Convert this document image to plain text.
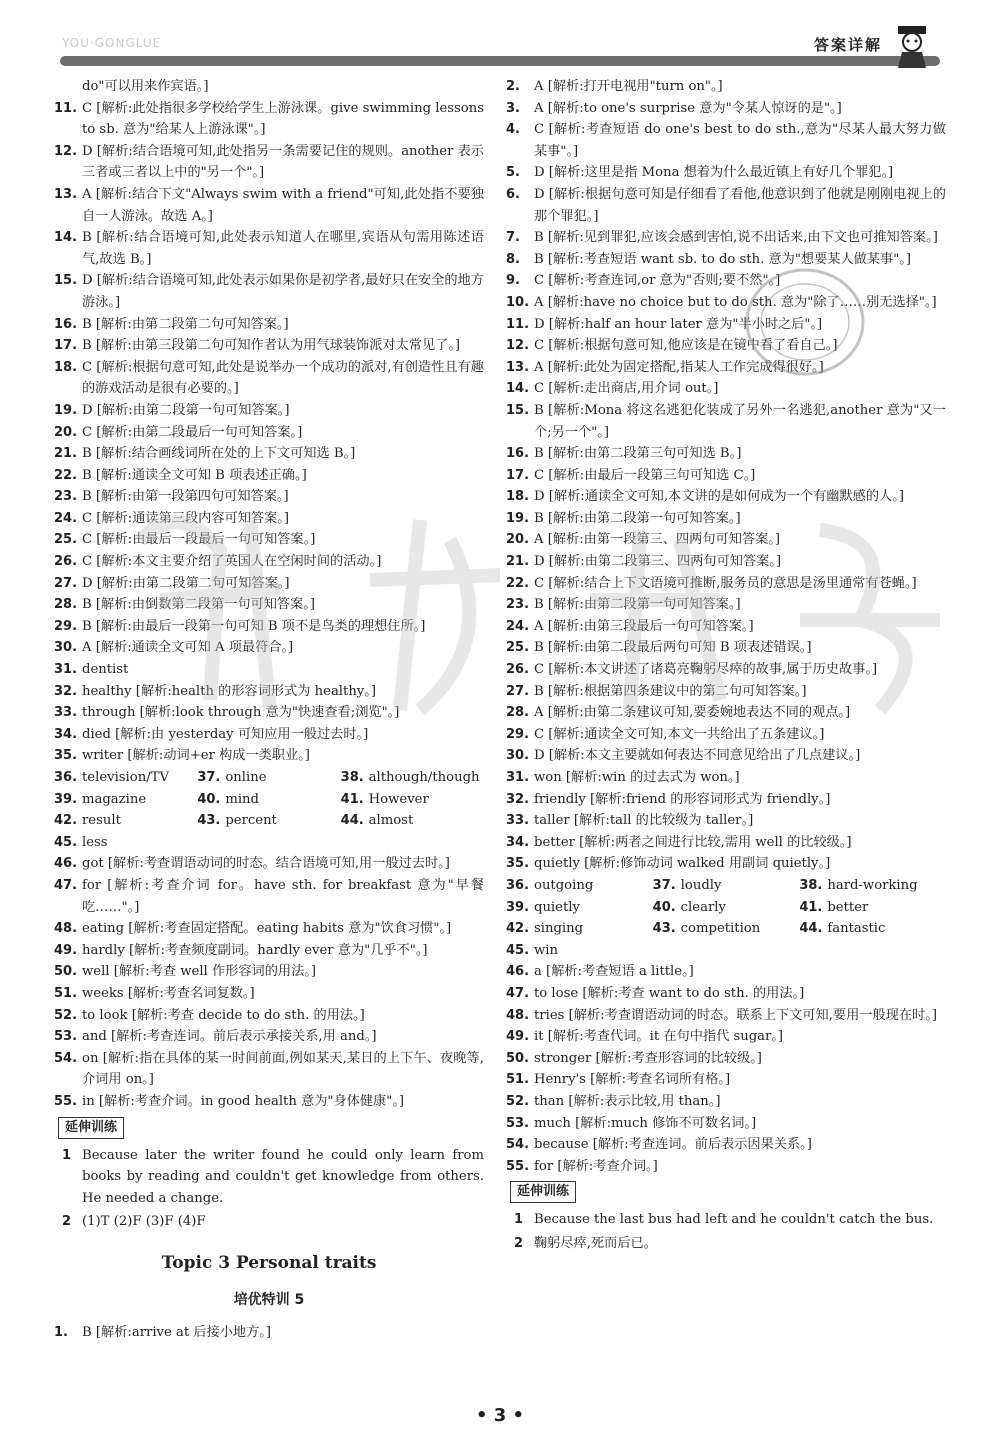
YOU·GONGLUE	答案详解
do"可以用来作宾语。]
11. C [解析:此处指很多学校给学生上游泳课。give swimming lessons to sb. 意为"给某人上游泳课"。]
12. D [解析:结合语境可知,此处指另一条需要记住的规则。another 表示三者或三者以上中的"另一个"。]
13. A [解析:结合下文"Always swim with a friend"可知,此处指不要独自一人游泳。故选 A。]
14. B [解析:结合语境可知,此处表示知道人在哪里,宾语从句需用陈述语气,故选 B。]
15. D [解析:结合语境可知,此处表示如果你是初学者,最好只在安全的地方游泳。]
16. B [解析:由第二段第二句可知答案。]
17. B [解析:由第三段第二句可知作者认为用气球装饰派对太常见了。]
18. C [解析:根据句意可知,此处是说举办一个成功的派对,有创造性且有趣的游戏活动是很有必要的。]
19. D [解析:由第二段第一句可知答案。]
20. C [解析:由第二段最后一句可知答案。]
21. B [解析:结合画线词所在处的上下文可知选 B。]
22. B [解析:通读全文可知 B 项表述正确。]
23. B [解析:由第一段第四句可知答案。]
24. C [解析:通读第三段内容可知答案。]
25. C [解析:由最后一段最后一句可知答案。]
26. C [解析:本文主要介绍了英国人在空闲时间的活动。]
27. D [解析:由第二段第二句可知答案。]
28. B [解析:由倒数第二段第一句可知答案。]
29. B [解析:由最后一段第一句可知 B 项不是鸟类的理想住所。]
30. A [解析:通读全文可知 A 项最符合。]
31. dentist
32. healthy [解析:health 的形容词形式为 healthy。]
33. through [解析:look through 意为"快速查看;浏览"。]
34. died [解析:由 yesterday 可知应用一般过去时。]
35. writer [解析:动词+er 构成一类职业。]
36. television/TV	37. online	38. although/though
39. magazine	40. mind	41. However
42. result	43. percent	44. almost
45. less
46. got [解析:考查谓语动词的时态。结合语境可知,用一般过去时。]
47. for [解析:考查介词 for。have sth. for breakfast 意为"早餐吃……"。]
48. eating [解析:考查固定搭配。eating habits 意为"饮食习惯"。]
49. hardly [解析:考查频度副词。hardly ever 意为"几乎不"。]
50. well [解析:考查 well 作形容词的用法。]
51. weeks [解析:考查名词复数。]
52. to look [解析:考查 decide to do sth. 的用法。]
53. and [解析:考查连词。前后表示承接关系,用 and。]
54. on [解析:指在具体的某一时间前面,例如某天,某日的上下午、夜晚等,介词用 on。]
55. in [解析:考查介词。in good health 意为"身体健康"。]
延伸训练
1 Because later the writer found he could only learn from books by reading and couldn't get knowledge from others. He needed a change.
2 (1)T (2)F (3)F (4)F
Topic 3 Personal traits
培优特训 5
1. B [解析:arrive at 后接小地方。]
2. A [解析:打开电视用"turn on"。]
3. A [解析:to one's surprise 意为"令某人惊讶的是"。]
4. C [解析:考查短语 do one's best to do sth.,意为"尽某人最大努力做某事"。]
5. D [解析:这里是指 Mona 想着为什么最近镇上有好几个罪犯。]
6. D [解析:根据句意可知是仔细看了看他,他意识到了他就是刚刚电视上的那个罪犯。]
7. B [解析:见到罪犯,应该会感到害怕,说不出话来,由下文也可推知答案。]
8. B [解析:考查短语 want sb. to do sth. 意为"想要某人做某事"。]
9. C [解析:考查连词,or 意为"否则;要不然"。]
10. A [解析:have no choice but to do sth. 意为"除了……别无选择"。]
11. D [解析:half an hour later 意为"半小时之后"。]
12. C [解析:根据句意可知,他应该是在镜中看了看自己。]
13. A [解析:此处为固定搭配,指某人工作完成得很好。]
14. C [解析:走出商店,用介词 out。]
15. B [解析:Mona 将这名逃犯化装成了另外一名逃犯,another 意为"又一个;另一个"。]
16. B [解析:由第二段第三句可知选 B。]
17. C [解析:由最后一段第三句可知选 C。]
18. D [解析:通读全文可知,本文讲的是如何成为一个有幽默感的人。]
19. B [解析:由第二段第一句可知答案。]
20. A [解析:由第一段第三、四两句可知答案。]
21. D [解析:由第二段第三、四两句可知答案。]
22. C [解析:结合上下文语境可推断,服务员的意思是汤里通常有苍蝇。]
23. B [解析:由第二段第一句可知答案。]
24. A [解析:由第三段最后一句可知答案。]
25. B [解析:由第二段最后两句可知 B 项表述错误。]
26. C [解析:本文讲述了诸葛亮鞠躬尽瘁的故事,属于历史故事。]
27. B [解析:根据第四条建议中的第二句可知答案。]
28. A [解析:由第二条建议可知,要委婉地表达不同的观点。]
29. C [解析:通读全文可知,本文一共给出了五条建议。]
30. D [解析:本文主要就如何表达不同意见给出了几点建议。]
31. won [解析:win 的过去式为 won。]
32. friendly [解析:friend 的形容词形式为 friendly。]
33. taller [解析:tall 的比较级为 taller。]
34. better [解析:两者之间进行比较,需用 well 的比较级。]
35. quietly [解析:修饰动词 walked 用副词 quietly。]
36. outgoing	37. loudly	38. hard-working
39. quietly	40. clearly	41. better
42. singing	43. competition	44. fantastic
45. win
46. a [解析:考查短语 a little。]
47. to lose [解析:考查 want to do sth. 的用法。]
48. tries [解析:考查谓语动词的时态。联系上下文可知,要用一般现在时。]
49. it [解析:考查代词。it 在句中指代 sugar。]
50. stronger [解析:考查形容词的比较级。]
51. Henry's [解析:考查名词所有格。]
52. than [解析:表示比较,用 than。]
53. much [解析:much 修饰不可数名词。]
54. because [解析:考查连词。前后表示因果关系。]
55. for [解析:考查介词。]
延伸训练
1 Because the last bus had left and he couldn't catch the bus.
2 鞠躬尽瘁,死而后已。
• 3 •
